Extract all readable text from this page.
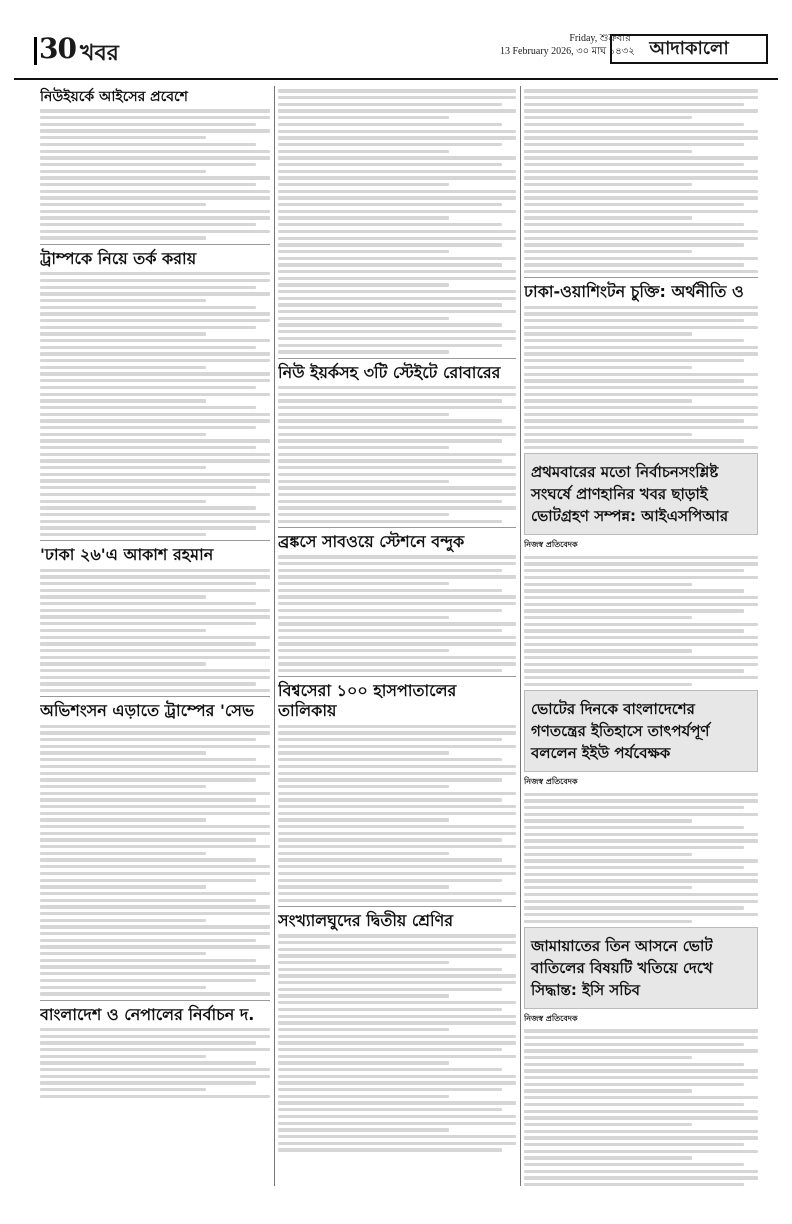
30 খবর
Friday, শুক্রবার
13 February 2026, ৩০ মাঘ ১৪৩২ আদাকালো
নিউইয়র্কে আইসের প্রবেশে
ট্রাম্পকে নিয়ে তর্ক করায়
'ঢাকা ২৬'এ আকাশ রহমান
অভিশংসন এড়াতে ট্রাম্পের 'সেভ
বাংলাদেশ ও নেপালের নির্বাচন দ.
নিউ ইয়র্কসহ ৩টি স্টেইটে রোবারের
ব্রঙ্কসে সাবওয়ে স্টেশনে বন্দুক
বিশ্বসেরা ১০০ হাসপাতালের তালিকায়
সংখ্যালঘুদের দ্বিতীয় শ্রেণির
ঢাকা-ওয়াশিংটন চুক্তি: অর্থনীতি ও
প্রথমবারের মতো নির্বাচনসংশ্লিষ্ট সংঘর্ষে প্রাণহানির খবর ছাড়াই ভোটগ্রহণ সম্পন্ন: আইএসপিআর
নিজস্ব প্রতিবেদক
ভোটের দিনকে বাংলাদেশের গণতন্ত্রের ইতিহাসে তাৎপর্যপূর্ণ বললেন ইইউ পর্যবেক্ষক
নিজস্ব প্রতিবেদক
জামায়াতের তিন আসনে ভোট বাতিলের বিষয়টি খতিয়ে দেখে সিদ্ধান্ত: ইসি সচিব
নিজস্ব প্রতিবেদক
